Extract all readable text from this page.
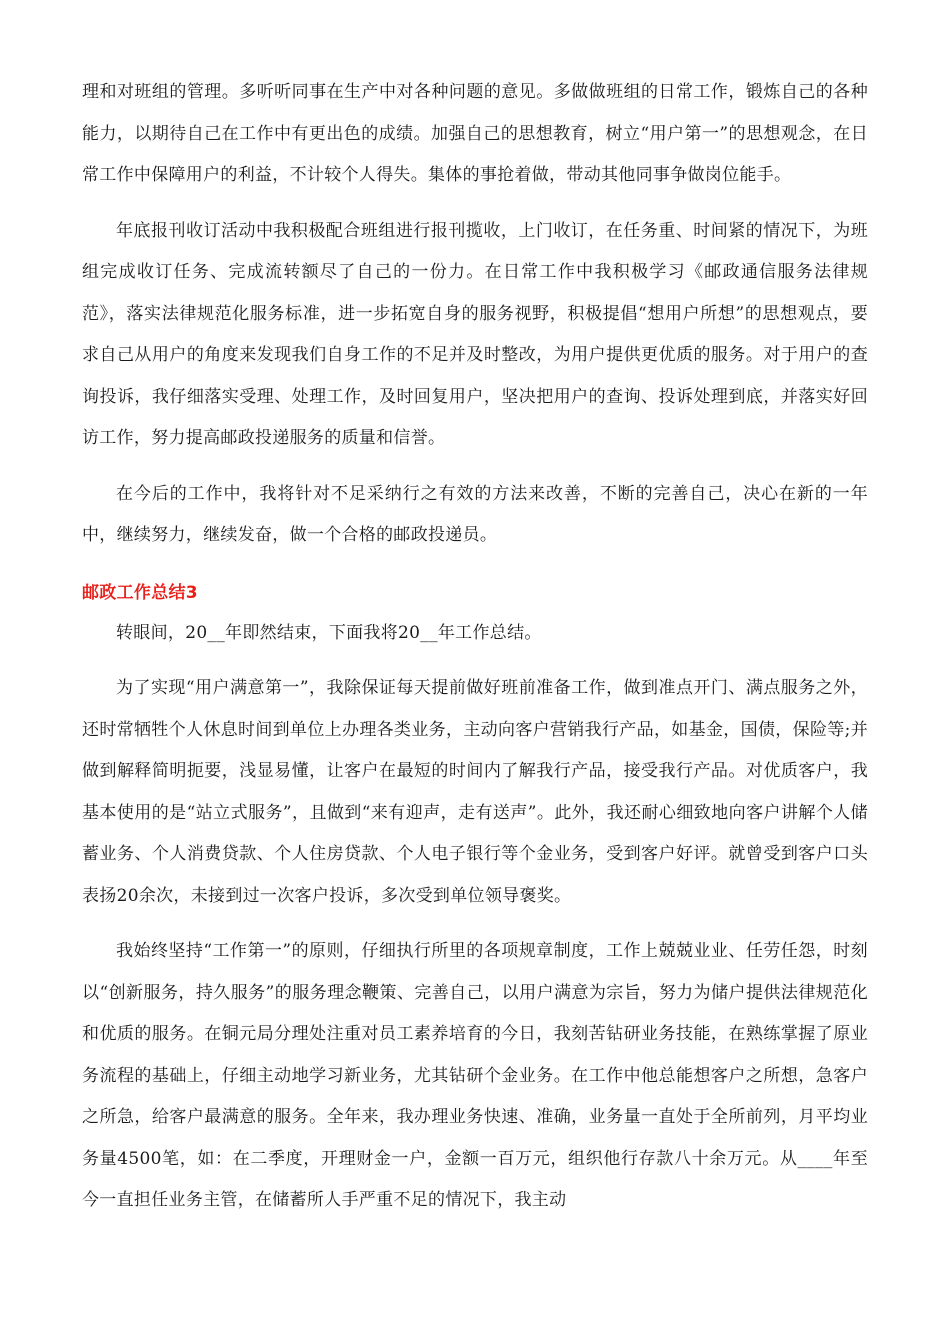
理和对班组的管理。多听听同事在生产中对各种问题的意见。多做做班组的日常工作，锻炼自己的各种能力，以期待自己在工作中有更出色的成绩。加强自己的思想教育，树立“用户第一”的思想观念，在日常工作中保障用户的利益，不计较个人得失。集体的事抢着做，带动其他同事争做岗位能手。

年底报刊收订活动中我积极配合班组进行报刊揽收，上门收订，在任务重、时间紧的情况下，为班组完成收订任务、完成流转额尽了自己的一份力。在日常工作中我积极学习《邮政通信服务法律规范》，落实法律规范化服务标准，进一步拓宽自身的服务视野，积极提倡“想用户所想”的思想观点，要求自己从用户的角度来发现我们自身工作的不足并及时整改，为用户提供更优质的服务。对于用户的查询投诉，我仔细落实受理、处理工作，及时回复用户，坚决把用户的查询、投诉处理到底，并落实好回访工作，努力提高邮政投递服务的质量和信誉。

在今后的工作中，我将针对不足采纳行之有效的方法来改善，不断的完善自己，决心在新的一年中，继续努力，继续发奋，做一个合格的邮政投递员。

邮政工作总结3

转眼间，20__年即然结束，下面我将20__年工作总结。

为了实现“用户满意第一”，我除保证每天提前做好班前准备工作，做到准点开门、满点服务之外，还时常牺牲个人休息时间到单位上办理各类业务，主动向客户营销我行产品，如基金，国债，保险等;并做到解释简明扼要，浅显易懂，让客户在最短的时间内了解我行产品，接受我行产品。对优质客户，我基本使用的是“站立式服务”，且做到“来有迎声，走有送声”。此外，我还耐心细致地向客户讲解个人储蓄业务、个人消费贷款、个人住房贷款、个人电子银行等个金业务，受到客户好评。就曾受到客户口头表扬20余次，未接到过一次客户投诉，多次受到单位领导褒奖。

我始终坚持“工作第一”的原则，仔细执行所里的各项规章制度，工作上兢兢业业、任劳任怨，时刻以“创新服务，持久服务”的服务理念鞭策、完善自己，以用户满意为宗旨，努力为储户提供法律规范化和优质的服务。在铜元局分理处注重对员工素养培育的今日，我刻苦钻研业务技能，在熟练掌握了原业务流程的基础上，仔细主动地学习新业务，尤其钻研个金业务。在工作中他总能想客户之所想，急客户之所急，给客户最满意的服务。全年来，我办理业务快速、准确，业务量一直处于全所前列，月平均业务量4500笔，如：在二季度，开理财金一户，金额一百万元，组织他行存款八十余万元。从____年至今一直担任业务主管，在储蓄所人手严重不足的情况下，我主动
